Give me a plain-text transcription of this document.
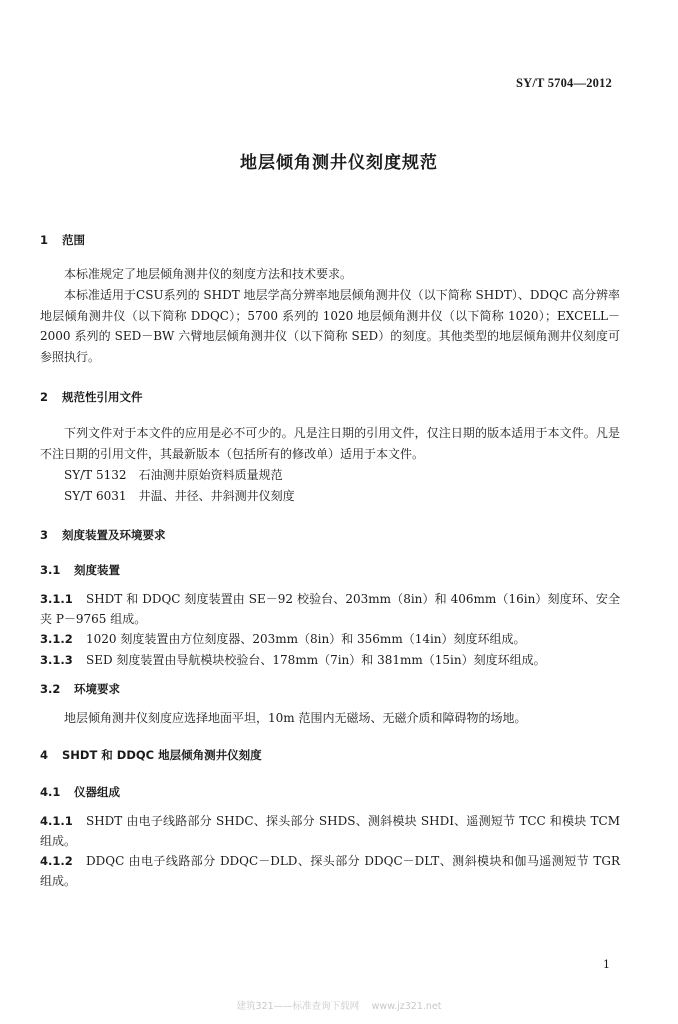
SY/T 5704—2012
地层倾角测井仪刻度规范
1 范围
本标准规定了地层倾角测井仪的刻度方法和技术要求。
本标准适用于CSU系列的 SHDT 地层学高分辨率地层倾角测井仪（以下简称 SHDT）、DDQC 高分辨率地层倾角测井仪（以下简称 DDQC）；5700 系列的 1020 地层倾角测井仪（以下简称 1020）；EXCELL－2000 系列的 SED－BW 六臂地层倾角测井仪（以下简称 SED）的刻度。其他类型的地层倾角测井仪刻度可参照执行。
2 规范性引用文件
下列文件对于本文件的应用是必不可少的。凡是注日期的引用文件，仅注日期的版本适用于本文件。凡是不注日期的引用文件，其最新版本（包括所有的修改单）适用于本文件。
SY/T 5132　 石油测井原始资料质量规范
SY/T 6031　 井温、井径、井斜测井仪刻度
3 刻度装置及环境要求
3.1 刻度装置
3.1.1 SHDT 和 DDQC 刻度装置由 SE－92 校验台、203mm（8in）和 406mm（16in）刻度环、安全夹 P－9765 组成。
3.1.2 1020 刻度装置由方位刻度器、203mm（8in）和 356mm（14in）刻度环组成。
3.1.3 SED 刻度装置由导航模块校验台、178mm（7in）和 381mm（15in）刻度环组成。
3.2 环境要求
地层倾角测井仪刻度应选择地面平坦，10m 范围内无磁场、无磁介质和障碍物的场地。
4 SHDT 和 DDQC 地层倾角测井仪刻度
4.1 仪器组成
4.1.1 SHDT 由电子线路部分 SHDC、探头部分 SHDS、测斜模块 SHDI、遥测短节 TCC 和模块 TCM 组成。
4.1.2 DDQC 由电子线路部分 DDQC－DLD、探头部分 DDQC－DLT、测斜模块和伽马遥测短节 TGR 组成。
1
建筑321——标准查询下载网　 www.jz321.net
